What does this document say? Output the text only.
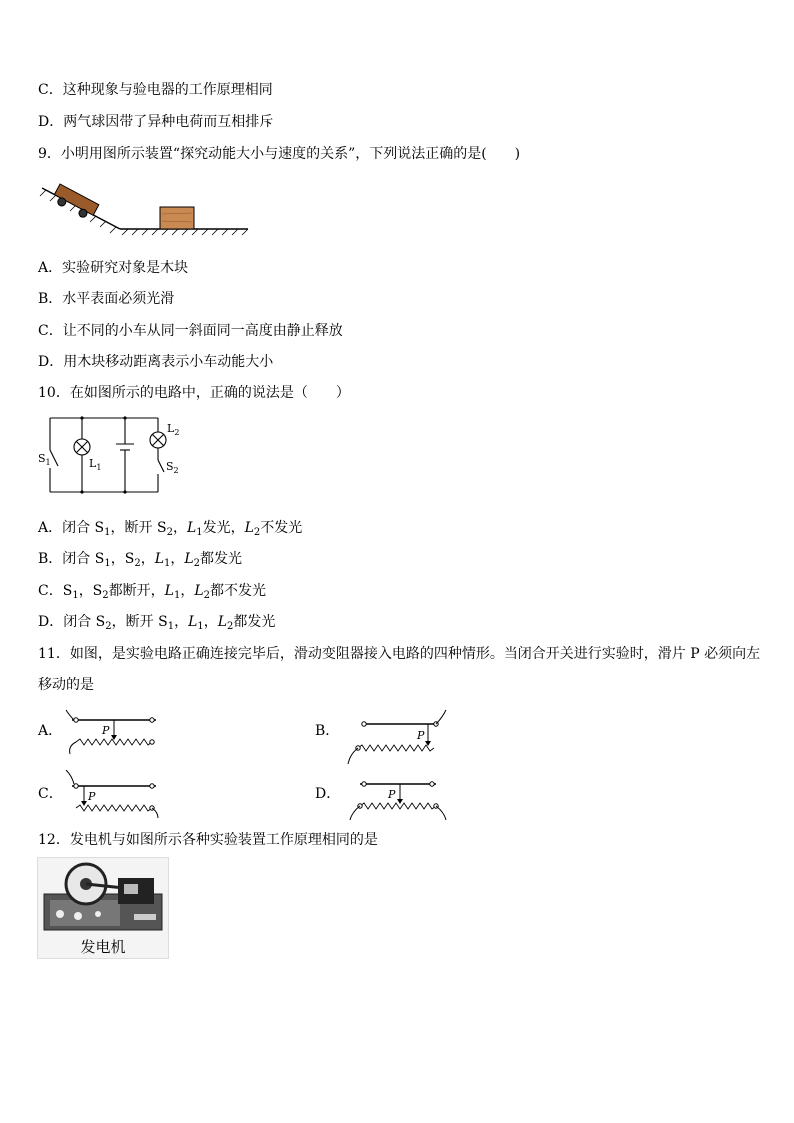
C．这种现象与验电器的工作原理相同
D．两气球因带了异种电荷而互相排斥
9．小明用图所示装置“探究动能大小与速度的关系”，下列说法正确的是(　　)
A．实验研究对象是木块
B．水平表面必须光滑
C．让不同的小车从同一斜面同一高度由静止释放
D．用木块移动距离表示小车动能大小
10．在如图所示的电路中，正确的说法是（　　）
$S_1$	$L_1$
$L_2$
$S_2$
A．闭合 $S_1$，断开 $S_2$，$L_1$发光，$L_2$不发光
B．闭合 $S_1$，$S_2$，$L_1$，$L_2$都发光
C．$S_1$，$S_2$都断开，$L_1$，$L_2$都不发光
D．闭合 $S_2$，断开 $S_1$，$L_1$，$L_2$都发光
11．如图，是实验电路正确连接完毕后，滑动变阻器接入电路的四种情形。当闭合开关进行实验时，滑片 P 必须向左
移动的是
A．	P	B．	P
C． P	D．	P
12．发电机与如图所示各种实验装置工作原理相同的是
发电机
